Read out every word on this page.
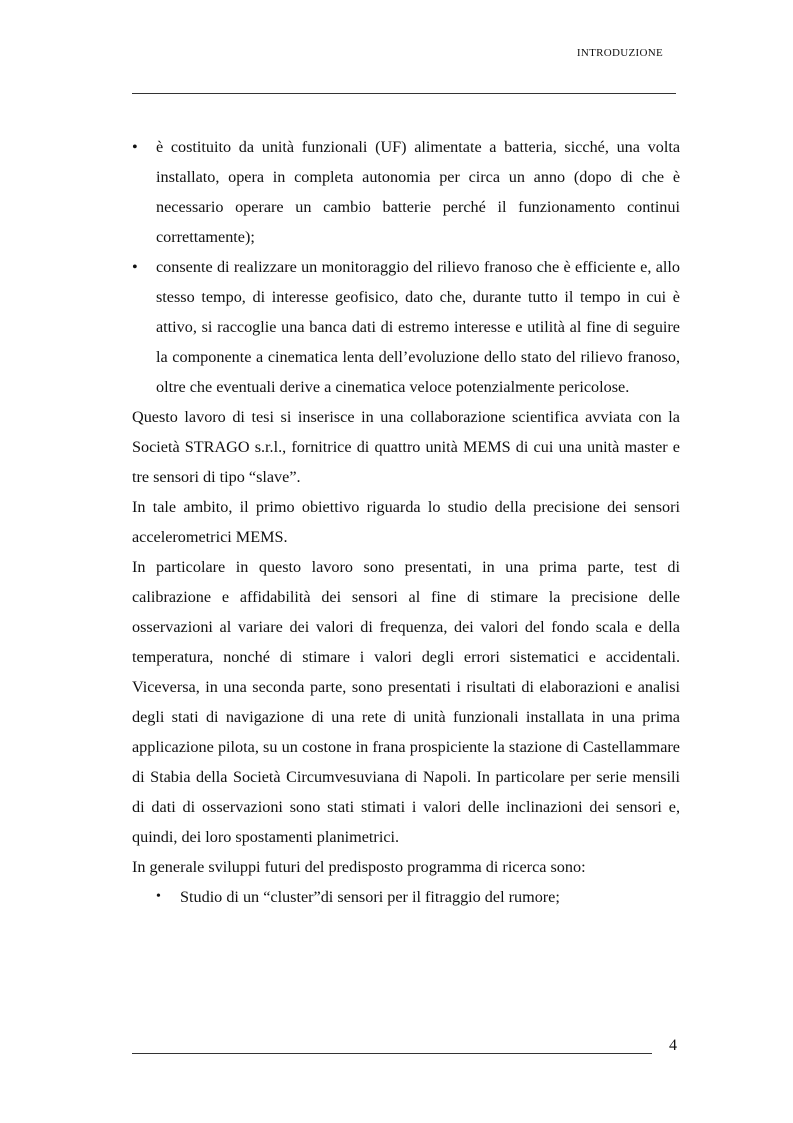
INTRODUZIONE
• è costituito da unità funzionali (UF) alimentate a batteria, sicché, una volta installato, opera in completa autonomia per circa un anno (dopo di che è necessario operare un cambio batterie perché il funzionamento continui correttamente);
• consente di realizzare un monitoraggio del rilievo franoso che è efficiente e, allo stesso tempo, di interesse geofisico, dato che, durante tutto il tempo in cui è attivo, si raccoglie una banca dati di estremo interesse e utilità al fine di seguire la componente a cinematica lenta dell’evoluzione dello stato del rilievo franoso, oltre che eventuali derive a cinematica veloce potenzialmente pericolose.

Questo lavoro di tesi si inserisce in una collaborazione scientifica avviata con la Società STRAGO s.r.l., fornitrice di quattro unità MEMS di cui una unità master e tre sensori di tipo “slave”.

In tale ambito, il primo obiettivo riguarda lo studio della precisione dei sensori accelerometrici MEMS.

In particolare in questo lavoro sono presentati, in una prima parte, test di calibrazione e affidabilità dei sensori al fine di stimare la precisione delle osservazioni al variare dei valori di frequenza, dei valori del fondo scala e della temperatura, nonché di stimare i valori degli errori sistematici e accidentali. Viceversa, in una seconda parte, sono presentati i risultati di elaborazioni e analisi degli stati di navigazione di una rete di unità funzionali installata in una prima applicazione pilota, su un costone in frana prospiciente la stazione di Castellammare di Stabia della Società Circumvesuviana di Napoli. In particolare per serie mensili di dati di osservazioni sono stati stimati i valori delle inclinazioni dei sensori e, quindi, dei loro spostamenti planimetrici.

In generale sviluppi futuri del predisposto programma di ricerca sono:

• Studio di un “cluster”di sensori per il fitraggio del rumore;
4
